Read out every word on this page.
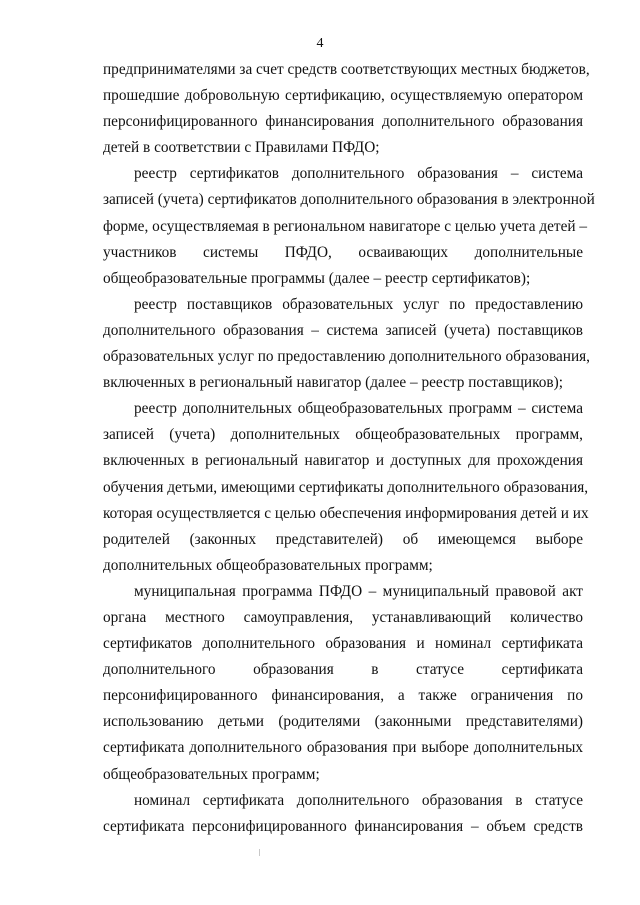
4
предпринимателями за счет средств соответствующих местных бюджетов,
прошедшие добровольную сертификацию, осуществляемую оператором
персонифицированного финансирования дополнительного образования
детей в соответствии с Правилами ПФДО;
реестр сертификатов дополнительного образования – система
записей (учета) сертификатов дополнительного образования в электронной
форме, осуществляемая в региональном навигаторе с целью учета детей –
участников системы ПФДО, осваивающих дополнительные
общеобразовательные программы (далее – реестр сертификатов);
реестр поставщиков образовательных услуг по предоставлению
дополнительного образования – система записей (учета) поставщиков
образовательных услуг по предоставлению дополнительного образования,
включенных в региональный навигатор (далее – реестр поставщиков);
реестр дополнительных общеобразовательных программ – система
записей (учета) дополнительных общеобразовательных программ,
включенных в региональный навигатор и доступных для прохождения
обучения детьми, имеющими сертификаты дополнительного образования,
которая осуществляется с целью обеспечения информирования детей и их
родителей (законных представителей) об имеющемся выборе
дополнительных общеобразовательных программ;
муниципальная программа ПФДО – муниципальный правовой акт
органа местного самоуправления, устанавливающий количество
сертификатов дополнительного образования и номинал сертификата
дополнительного образования в статусе сертификата
персонифицированного финансирования, а также ограничения по
использованию детьми (родителями (законными представителями)
сертификата дополнительного образования при выборе дополнительных
общеобразовательных программ;
номинал сертификата дополнительного образования в статусе
сертификата персонифицированного финансирования – объем средств
